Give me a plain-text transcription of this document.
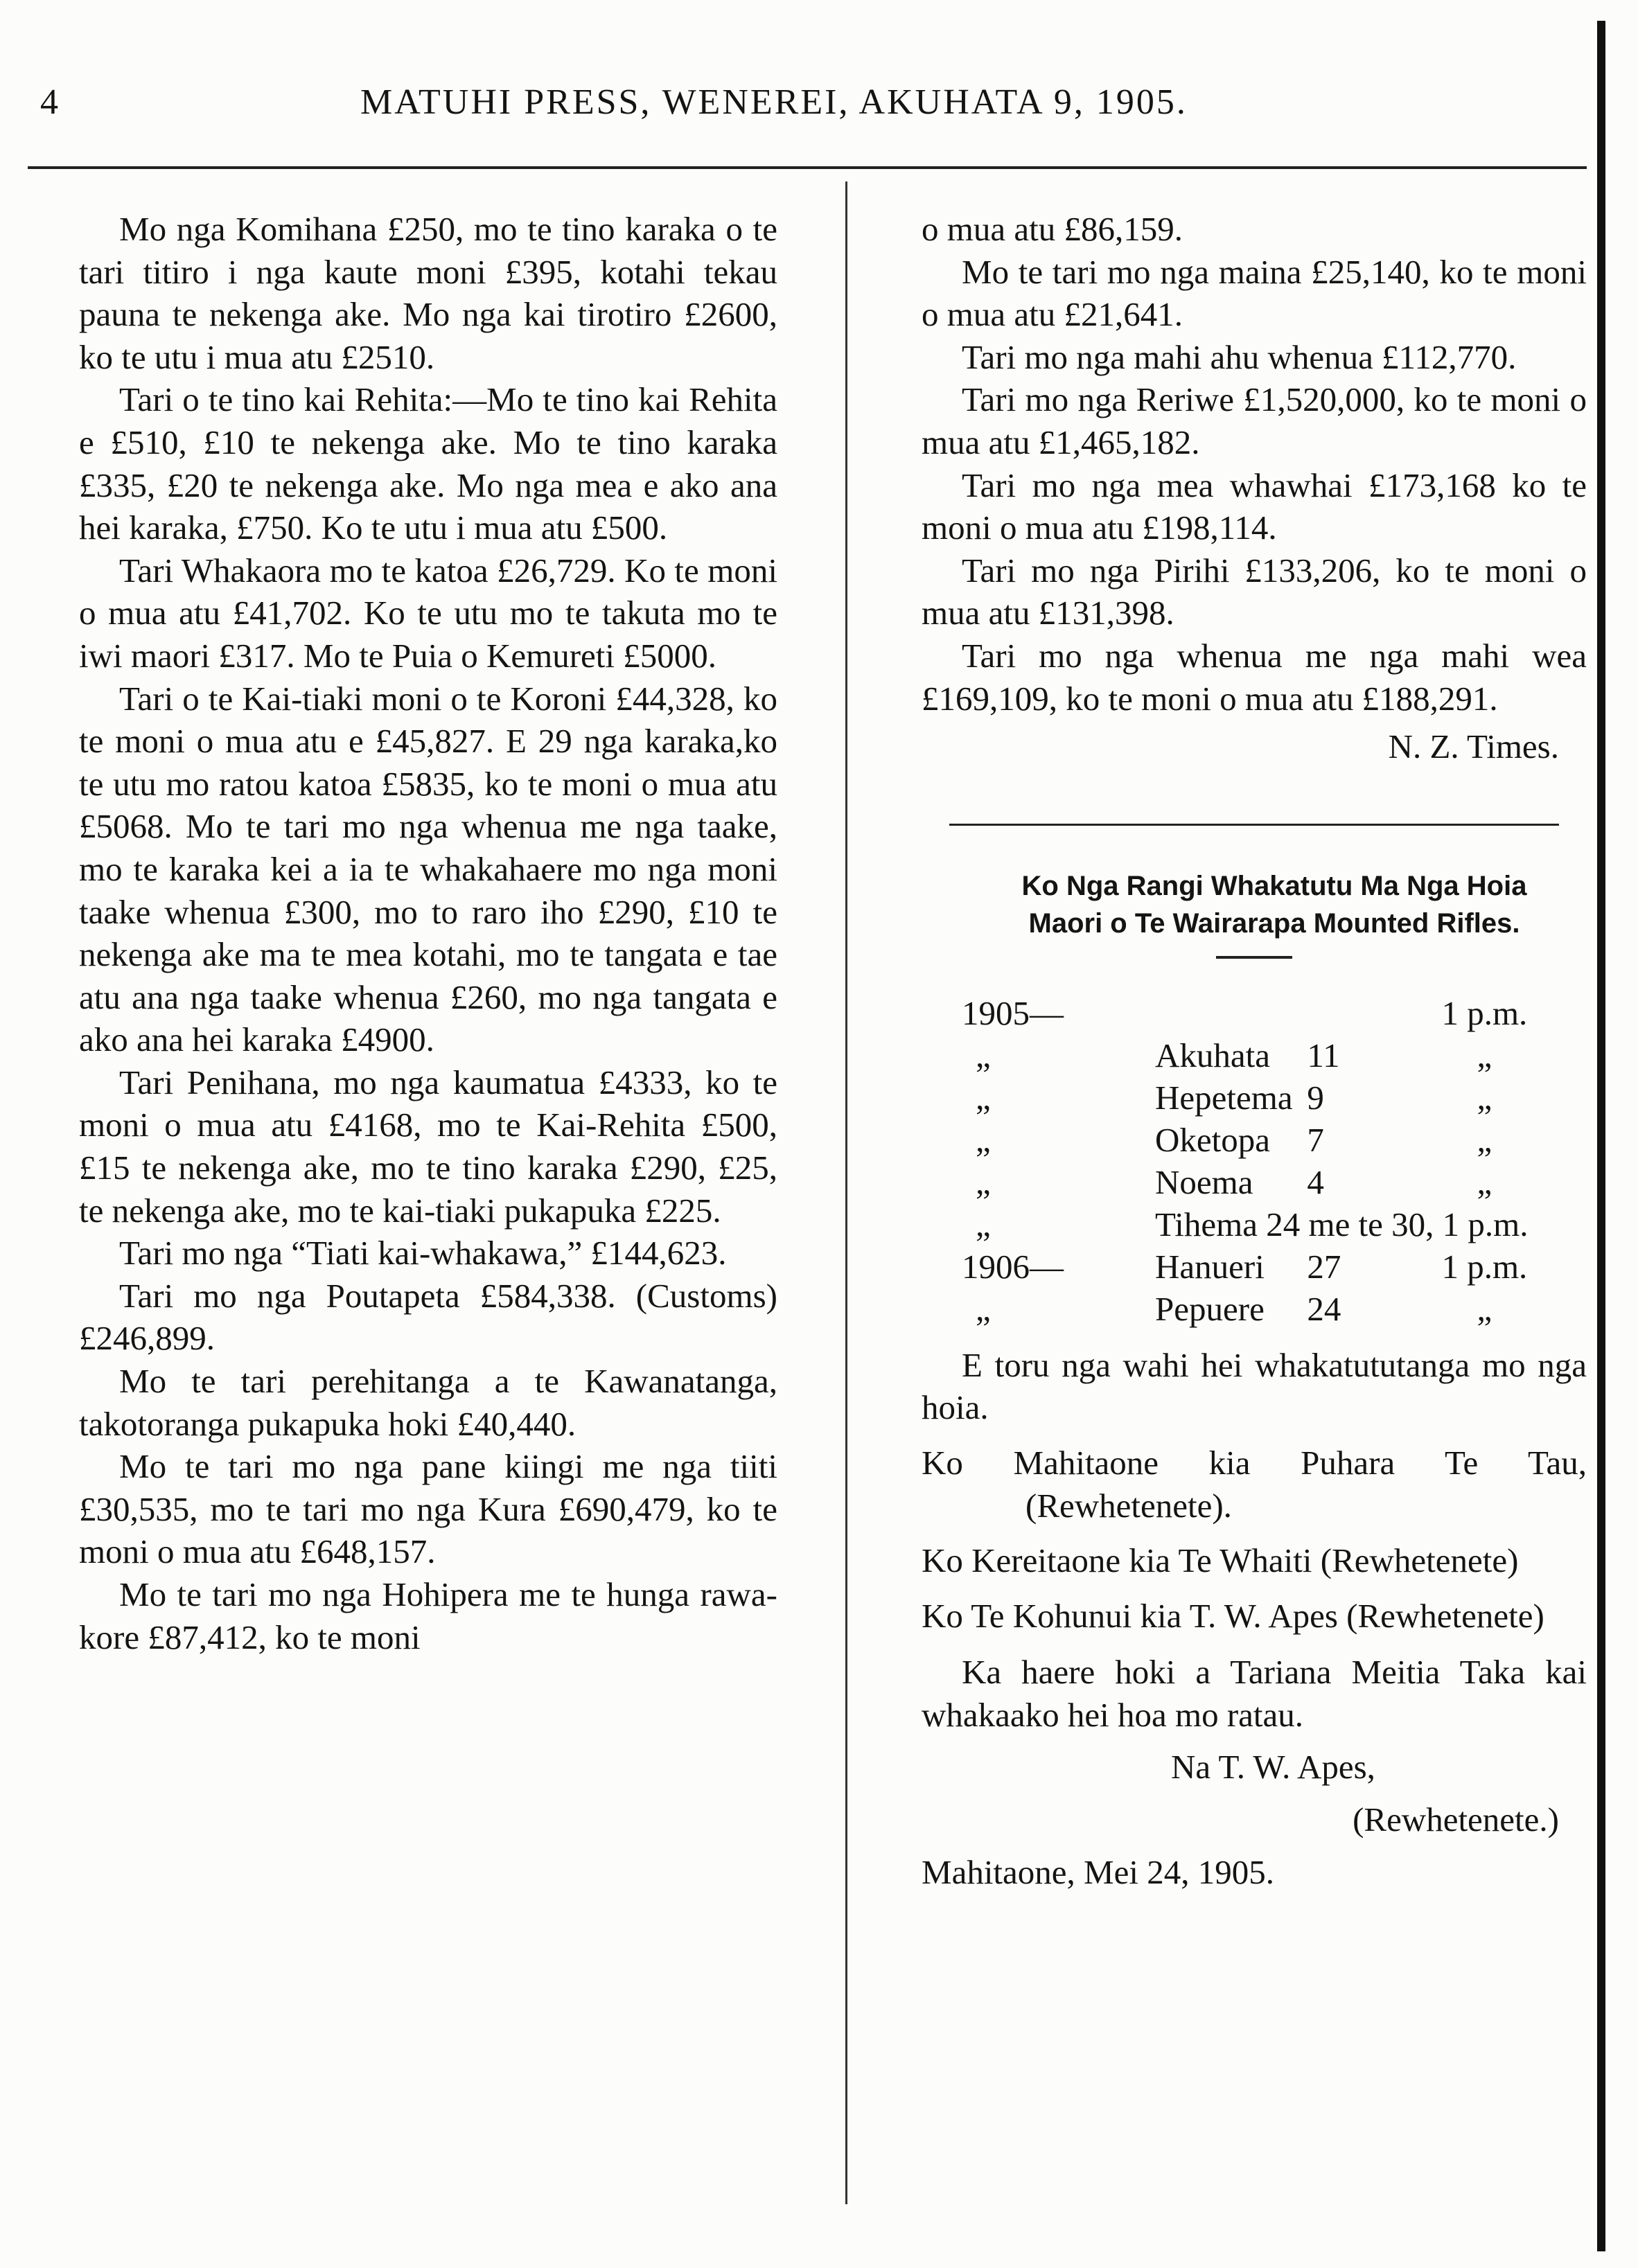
4	MATUHI PRESS, WENEREI, AKUHATA 9, 1905.

Mo nga Komihana £250, mo te tino karaka o te tari titiro i nga kaute moni £395, kotahi tekau pauna te nekenga ake. Mo nga kai tirotiro £2600, ko te utu i mua atu £2510.

Tari o te tino kai Rehita:—Mo te tino kai Rehita e £510, £10 te nekenga ake. Mo te tino karaka £335, £20 te nekenga ake. Mo nga mea e ako ana hei karaka, £750. Ko te utu i mua atu £500.

Tari Whakaora mo te katoa £26,729. Ko te moni o mua atu £41,702. Ko te utu mo te takuta mo te iwi maori £317. Mo te Puia o Kemureti £5000.

Tari o te Kai-tiaki moni o te Koroni £44,328, ko te moni o mua atu e £45,827. E 29 nga karaka,ko te utu mo ratou katoa £5835, ko te moni o mua atu £5068. Mo te tari mo nga whenua me nga taake, mo te karaka kei a ia te whakahaere mo nga moni taake whenua £300, mo to raro iho £290, £10 te nekenga ake ma te mea kotahi, mo te tangata e tae atu ana nga taake whenua £260, mo nga tangata e ako ana hei karaka £4900.

Tari Penihana, mo nga kaumatua £4333, ko te moni o mua atu £4168, mo te Kai-Rehita £500, £15 te nekenga ake, mo te tino karaka £290, £25, te nekenga ake, mo te kai-tiaki pukapuka £225.

Tari mo nga “Tiati kai-whakawa,” £144,623.

Tari mo nga Poutapeta £584,338. (Customs) £246,899.

Mo te tari perehitanga a te Kawanatanga, takotoranga pukapuka hoki £40,440.

Mo te tari mo nga pane kiingi me nga tiiti £30,535, mo te tari mo nga Kura £690,479, ko te moni o mua atu £648,157.

Mo te tari mo nga Hohipera me te hunga rawa-kore £87,412, ko te moni

o mua atu £86,159.

Mo te tari mo nga maina £25,140, ko te moni o mua atu £21,641.

Tari mo nga mahi ahu whenua £112,770.

Tari mo nga Reriwe £1,520,000, ko te moni o mua atu £1,465,182.

Tari mo nga mea whawhai £173,168 ko te moni o mua atu £198,114.

Tari mo nga Pirihi £133,206, ko te moni o mua atu £131,398.

Tari mo nga whenua me nga mahi wea £169,109, ko te moni o mua atu £188,291.

N. Z. Times.

Ko Nga Rangi Whakatutu Ma Nga Hoia

Maori o Te Wairarapa Mounted Rifles.

1905—			1 p.m.
„	Akuhata	11	„
„	Hepetema	9	„
„	Oketopa	7	„
„	Noema	4	„
„	Tihema 24 me te 30, 1 p.m.		
1906—	Hanueri	27	1 p.m.
„	Pepuere	24	„

E toru nga wahi hei whakatututanga mo nga hoia.

Ko Mahitaone kia Puhara Te Tau, (Rewhetenete).

Ko Kereitaone kia Te Whaiti (Rewhetenete)

Ko Te Kohunui kia T. W. Apes (Rewhetenete)

Ka haere hoki a Tariana Meitia Taka kai whakaako hei hoa mo ratau.

Na T. W. Apes,

(Rewhetenete.)

Mahitaone, Mei 24, 1905.
